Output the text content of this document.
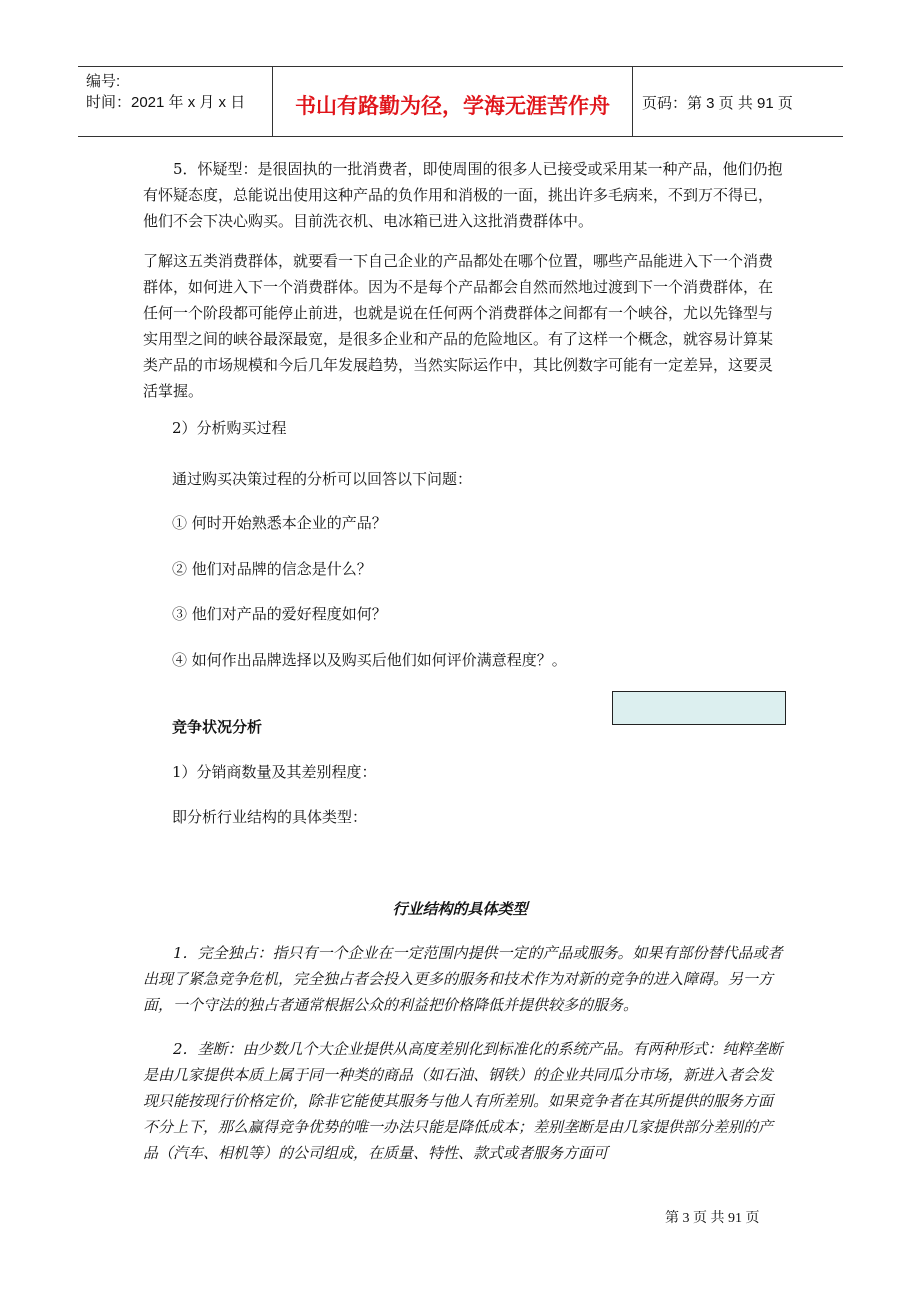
编号:
时间：2021 年 x 月 x 日	书山有路勤为径，学海无涯苦作舟	页码：第 3 页 共 91 页

5．怀疑型：是很固执的一批消费者，即使周围的很多人已接受或采用某一种产品，他们仍抱有怀疑态度，总能说出使用这种产品的负作用和消极的一面，挑出许多毛病来，不到万不得已，他们不会下决心购买。目前洗衣机、电冰箱已进入这批消费群体中。

了解这五类消费群体，就要看一下自己企业的产品都处在哪个位置，哪些产品能进入下一个消费群体，如何进入下一个消费群体。因为不是每个产品都会自然而然地过渡到下一个消费群体，在任何一个阶段都可能停止前进，也就是说在任何两个消费群体之间都有一个峡谷，尤以先锋型与实用型之间的峡谷最深最宽，是很多企业和产品的危险地区。有了这样一个概念，就容易计算某类产品的市场规模和今后几年发展趋势，当然实际运作中，其比例数字可能有一定差异，这要灵活掌握。

2）分析购买过程

通过购买决策过程的分析可以回答以下问题：

① 何时开始熟悉本企业的产品？

② 他们对品牌的信念是什么？

③ 他们对产品的爱好程度如何？

④ 如何作出品牌选择以及购买后他们如何评价满意程度？。

竞争状况分析

1）分销商数量及其差别程度：

即分析行业结构的具体类型：

行业结构的具体类型

1．完全独占：指只有一个企业在一定范围内提供一定的产品或服务。如果有部份替代品或者出现了紧急竞争危机，完全独占者会投入更多的服务和技术作为对新的竞争的进入障碍。另一方面，一个守法的独占者通常根据公众的利益把价格降低并提供较多的服务。

2．垄断：由少数几个大企业提供从高度差别化到标准化的系统产品。有两种形式：纯粹垄断是由几家提供本质上属于同一种类的商品（如石油、钢铁）的企业共同瓜分市场，新进入者会发现只能按现行价格定价，除非它能使其服务与他人有所差别。如果竞争者在其所提供的服务方面不分上下，那么赢得竞争优势的唯一办法只能是降低成本；差别垄断是由几家提供部分差别的产品（汽车、相机等）的公司组成，在质量、特性、款式或者服务方面可

第 3 页 共 91 页
